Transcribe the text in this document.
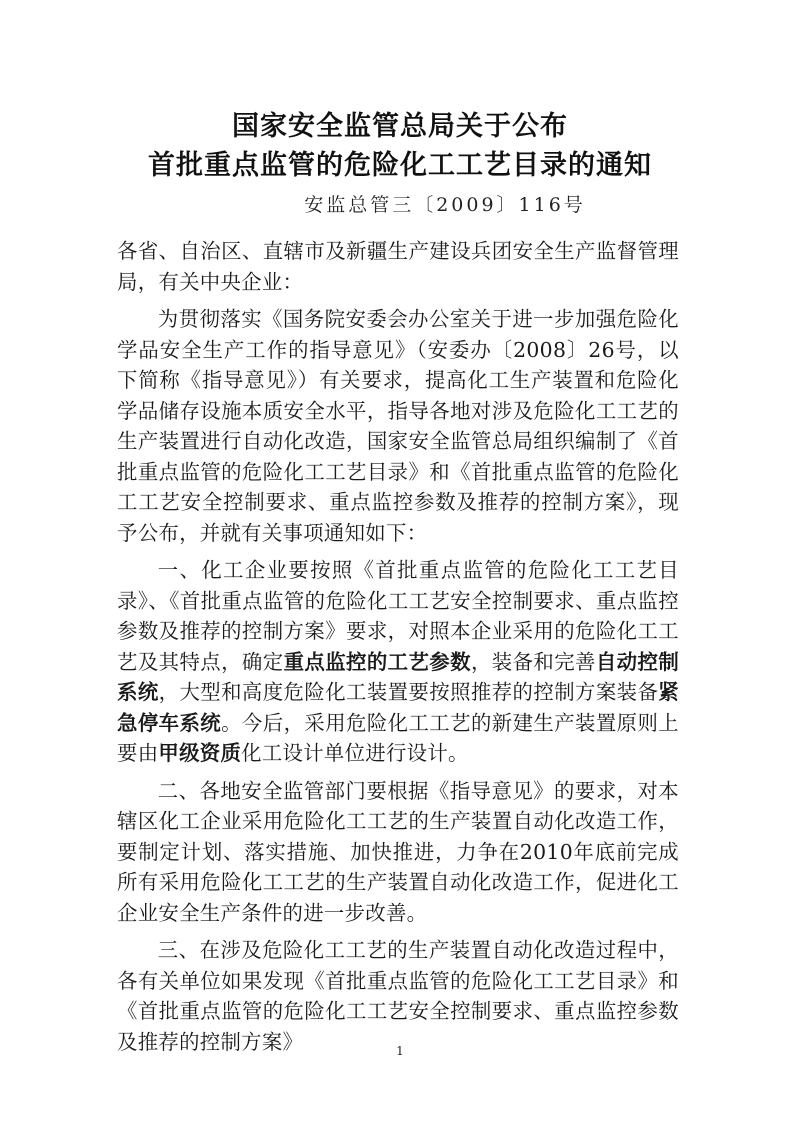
国家安全监管总局关于公布
首批重点监管的危险化工工艺目录的通知
安监总管三〔2009〕116号

各省、自治区、直辖市及新疆生产建设兵团安全生产监督管理局，有关中央企业：

为贯彻落实《国务院安委会办公室关于进一步加强危险化学品安全生产工作的指导意见》（安委办〔2008〕26号，以下简称《指导意见》）有关要求，提高化工生产装置和危险化学品储存设施本质安全水平，指导各地对涉及危险化工工艺的生产装置进行自动化改造，国家安全监管总局组织编制了《首批重点监管的危险化工工艺目录》和《首批重点监管的危险化工工艺安全控制要求、重点监控参数及推荐的控制方案》，现予公布，并就有关事项通知如下：

一、化工企业要按照《首批重点监管的危险化工工艺目录》、《首批重点监管的危险化工工艺安全控制要求、重点监控参数及推荐的控制方案》要求，对照本企业采用的危险化工工艺及其特点，确定重点监控的工艺参数，装备和完善自动控制系统，大型和高度危险化工装置要按照推荐的控制方案装备紧急停车系统。今后，采用危险化工工艺的新建生产装置原则上要由甲级资质化工设计单位进行设计。

二、各地安全监管部门要根据《指导意见》的要求，对本辖区化工企业采用危险化工工艺的生产装置自动化改造工作，要制定计划、落实措施、加快推进，力争在2010年底前完成所有采用危险化工工艺的生产装置自动化改造工作，促进化工企业安全生产条件的进一步改善。

三、在涉及危险化工工艺的生产装置自动化改造过程中，各有关单位如果发现《首批重点监管的危险化工工艺目录》和《首批重点监管的危险化工工艺安全控制要求、重点监控参数及推荐的控制方案》	1
